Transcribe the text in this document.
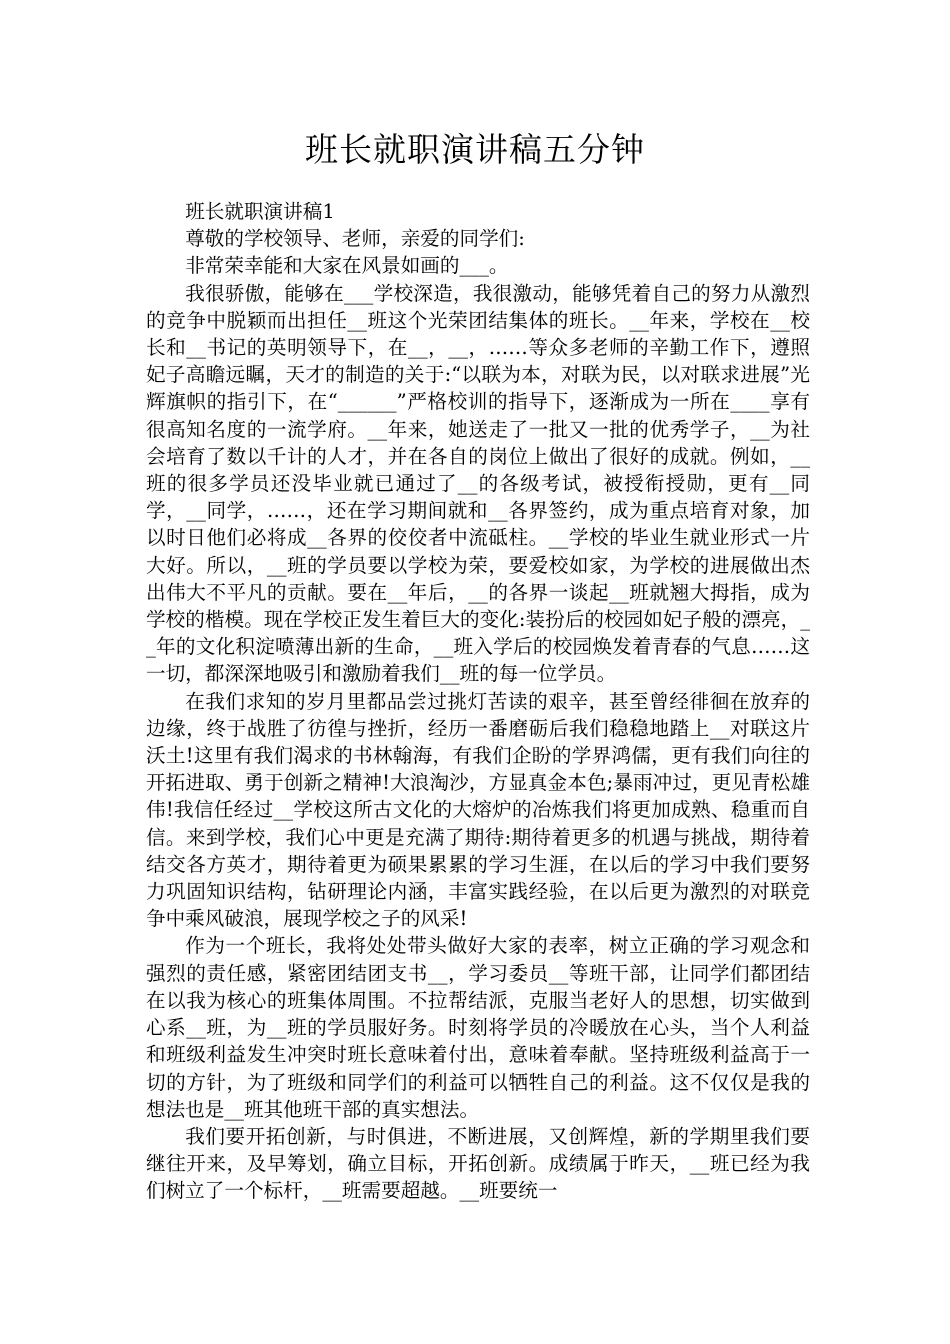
班长就职演讲稿五分钟

班长就职演讲稿1

尊敬的学校领导、老师，亲爱的同学们:

非常荣幸能和大家在风景如画的___。

我很骄傲，能够在___学校深造，我很激动，能够凭着自己的努力从激烈的竞争中脱颖而出担任__班这个光荣团结集体的班长。__年来，学校在__校长和__书记的英明领导下，在__，__，……等众多老师的辛勤工作下，遵照妃子高瞻远瞩，天才的制造的关于:“以联为本，对联为民，以对联求进展”光辉旗帜的指引下，在“______”严格校训的指导下，逐渐成为一所在____享有很高知名度的一流学府。__年来，她送走了一批又一批的优秀学子，__为社会培育了数以千计的人才，并在各自的岗位上做出了很好的成就。例如，__班的很多学员还没毕业就已通过了__的各级考试，被授衔授勋，更有__同学，__同学，……，还在学习期间就和__各界签约，成为重点培育对象，加以时日他们必将成__各界的佼佼者中流砥柱。__学校的毕业生就业形式一片大好。所以，__班的学员要以学校为荣，要爱校如家，为学校的进展做出杰出伟大不平凡的贡献。要在__年后，__的各界一谈起__班就翘大拇指，成为学校的楷模。现在学校正发生着巨大的变化:装扮后的校园如妃子般的漂亮，__年的文化积淀喷薄出新的生命，__班入学后的校园焕发着青春的气息……这一切，都深深地吸引和激励着我们__班的每一位学员。

在我们求知的岁月里都品尝过挑灯苦读的艰辛，甚至曾经徘徊在放弃的边缘，终于战胜了彷徨与挫折，经历一番磨砺后我们稳稳地踏上__对联这片沃土!这里有我们渴求的书林翰海，有我们企盼的学界鸿儒，更有我们向往的开拓进取、勇于创新之精神!大浪淘沙，方显真金本色;暴雨冲过，更见青松雄伟!我信任经过__学校这所古文化的大熔炉的冶炼我们将更加成熟、稳重而自信。来到学校，我们心中更是充满了期待:期待着更多的机遇与挑战，期待着结交各方英才，期待着更为硕果累累的学习生涯，在以后的学习中我们要努力巩固知识结构，钻研理论内涵，丰富实践经验，在以后更为激烈的对联竞争中乘风破浪，展现学校之子的风采!

作为一个班长，我将处处带头做好大家的表率，树立正确的学习观念和强烈的责任感，紧密团结团支书__，学习委员__等班干部，让同学们都团结在以我为核心的班集体周围。不拉帮结派，克服当老好人的思想，切实做到心系__班，为__班的学员服好务。时刻将学员的冷暖放在心头，当个人利益和班级利益发生冲突时班长意味着付出，意味着奉献。坚持班级利益高于一切的方针，为了班级和同学们的利益可以牺牲自己的利益。这不仅仅是我的想法也是__班其他班干部的真实想法。

我们要开拓创新，与时俱进，不断进展，又创辉煌，新的学期里我们要继往开来，及早筹划，确立目标，开拓创新。成绩属于昨天，__班已经为我们树立了一个标杆，__班需要超越。__班要统一
